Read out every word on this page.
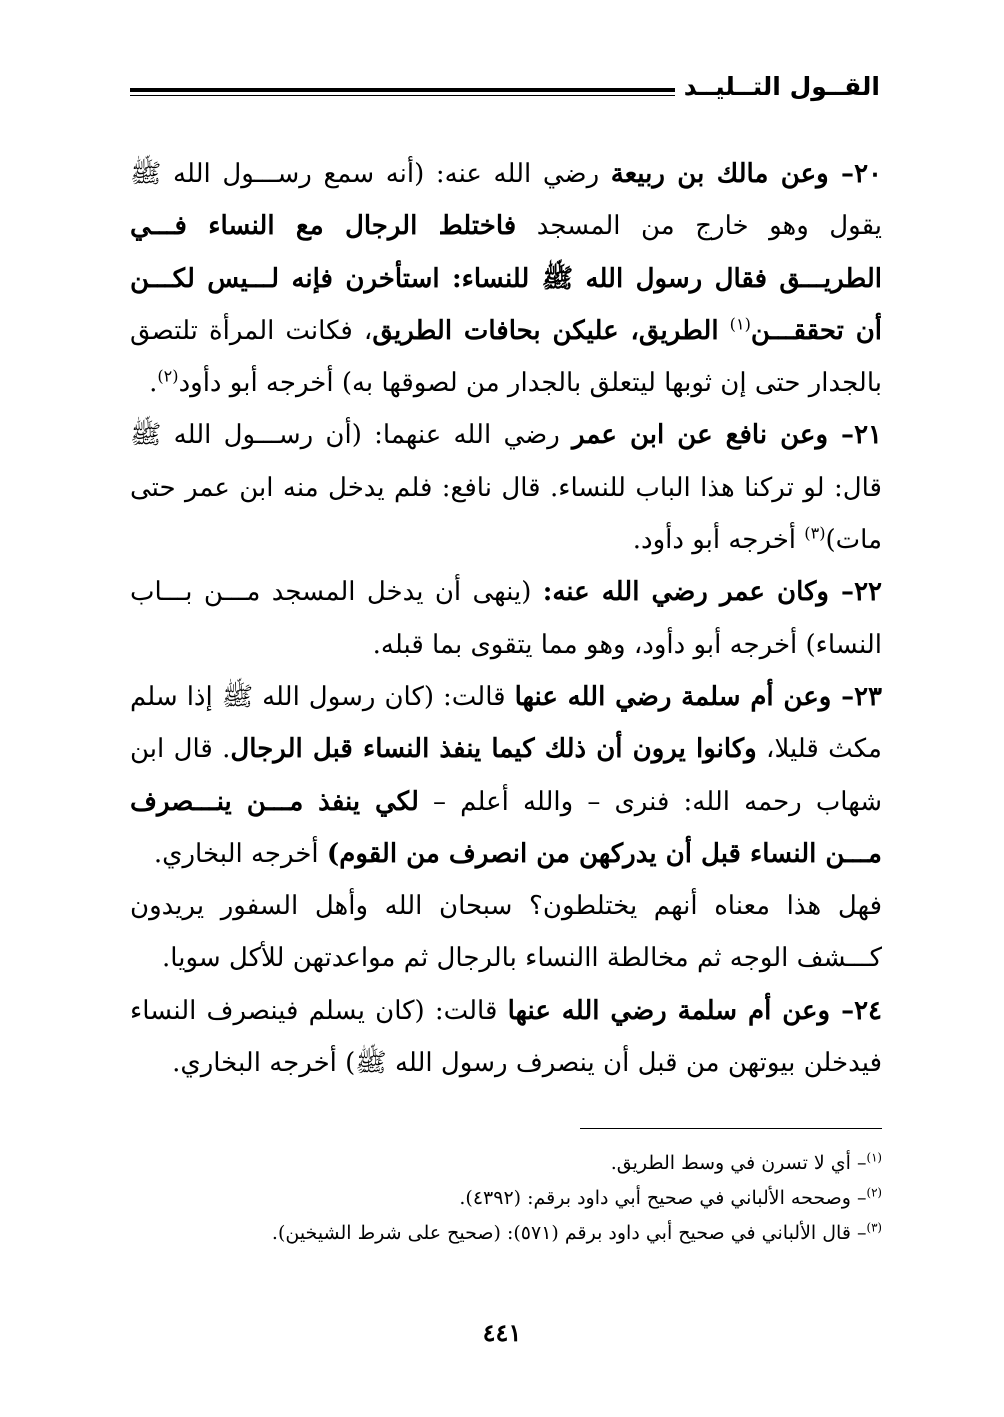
القــول التــليــد

٢٠– وعن مالك بن ربيعة رضي الله عنه: (أنه سمع رســـول الله ﷺ يقول وهو خارج من المسجد فاختلط الرجال مع النساء فـــي الطريـــق فقال رسول الله ﷺ للنساء: استأخرن فإنه لـــيس لكـــن أن تحققـــن$^{(١)}$ الطريق، عليكن بحافات الطريق، فكانت المرأة تلتصق بالجدار حتى إن ثوبها ليتعلق بالجدار من لصوقها به) أخرجه أبو دأود$^{(٢)}$.

٢١– وعن نافع عن ابن عمر رضي الله عنهما: (أن رســـول الله ﷺ قال: لو تركنا هذا الباب للنساء. قال نافع: فلم يدخل منه ابن عمر حتى مات)$^{(٣)}$ أخرجه أبو دأود.

٢٢– وكان عمر رضي الله عنه: (ينهى أن يدخل المسجد مـــن بـــاب النساء) أخرجه أبو دأود، وهو مما يتقوى بما قبله.

٢٣– وعن أم سلمة رضي الله عنها قالت: (كان رسول الله ﷺ إذا سلم مكث قليلا، وكانوا يرون أن ذلك كيما ينفذ النساء قبل الرجال. قال ابن شهاب رحمه الله: فنرى – والله أعلم – لكي ينفذ مـــن ينـــصرف مـــن النساء قبل أن يدركهن من انصرف من القوم) أخرجه البخاري.

فهل هذا معناه أنهم يختلطون؟ سبحان الله وأهل السفور يريدون كـــشف الوجه ثم مخالطة االنساء بالرجال ثم مواعدتهن للأكل سويا.

٢٤– وعن أم سلمة رضي الله عنها قالت: (كان يسلم فينصرف النساء فيدخلن بيوتهن من قبل أن ينصرف رسول الله ﷺ) أخرجه البخاري.

$^{(١)}$– أي لا تسرن في وسط الطريق.
$^{(٢)}$– وصححه الألباني في صحيح أبي داود برقم: (٤٣٩٢).
$^{(٣)}$– قال الألباني في صحيح أبي داود برقم (٥٧١): (صحيح على شرط الشيخين).
٤٤١
